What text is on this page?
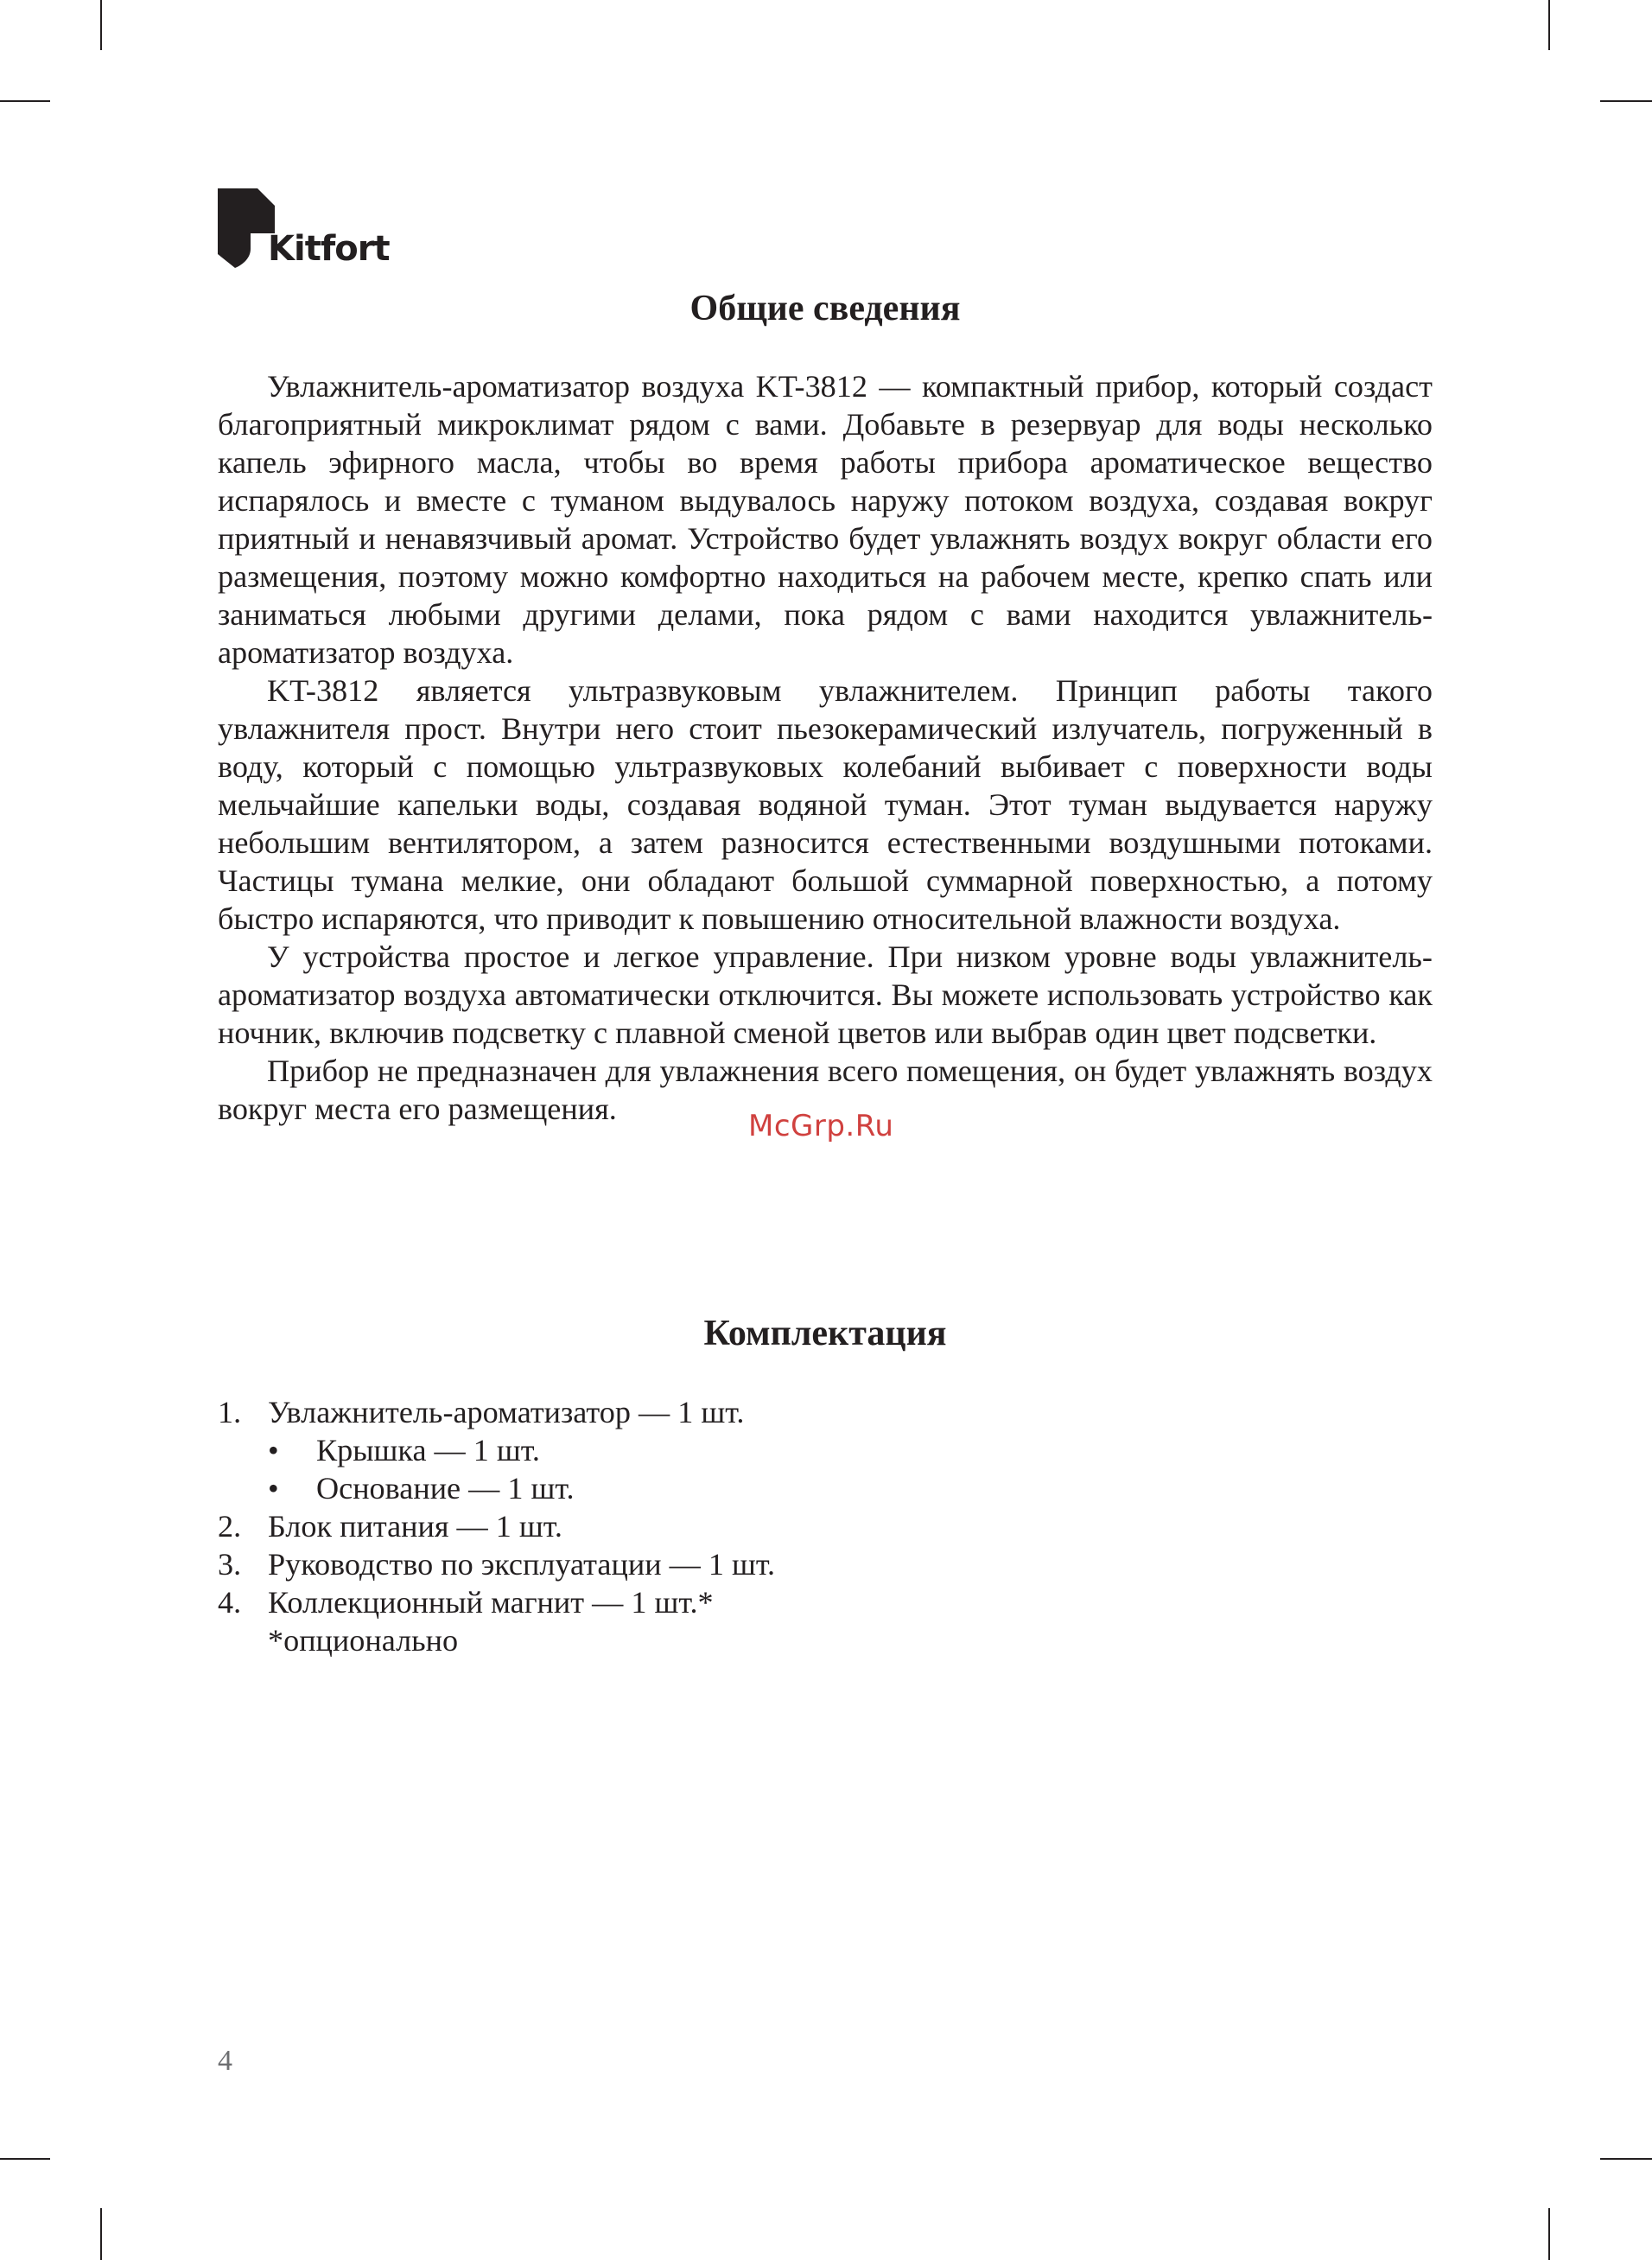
Kitfort
Общие сведения

Увлажнитель-ароматизатор воздуха KT-3812 — компактный прибор, который создаст благоприятный микроклимат рядом с вами. Добавьте в резервуар для воды несколько капель эфирного масла, чтобы во время работы прибора ароматическое вещество испарялось и вместе с туманом выдувалось наружу потоком воздуха, создавая вокруг приятный и ненавязчивый аромат. Устройство будет увлажнять воздух вокруг области его размещения, поэтому можно комфортно находиться на рабочем месте, крепко спать или заниматься любыми другими делами, пока рядом с вами находится увлажнитель-ароматизатор воздуха.

KT-3812 является ультразвуковым увлажнителем. Принцип работы такого увлажнителя прост. Внутри него стоит пьезокерамический излучатель, погруженный в воду, который с помощью ультразвуковых колебаний выбивает с поверхности воды мельчайшие капельки воды, создавая водяной туман. Этот туман выдувается наружу небольшим вентилятором, а затем разносится естественными воздушными потоками. Частицы тумана мелкие, они обладают большой суммарной поверхностью, а потому быстро испаряются, что приводит к повышению относительной влажности воздуха.

У устройства простое и легкое управление. При низком уровне воды увлажнитель-ароматизатор воздуха автоматически отключится. Вы можете использовать устройство как ночник, включив подсветку с плавной сменой цветов или выбрав один цвет подсветки.

Прибор не предназначен для увлажнения всего помещения, он будет увлажнять воздух вокруг места его размещения.	McGrp.Ru
Комплектация
1. Увлажнитель-ароматизатор — 1 шт.
• Крышка — 1 шт.
• Основание — 1 шт.
2. Блок питания — 1 шт.
3. Руководство по эксплуатации — 1 шт.
4. Коллекционный магнит — 1 шт.*
*опционально
4
